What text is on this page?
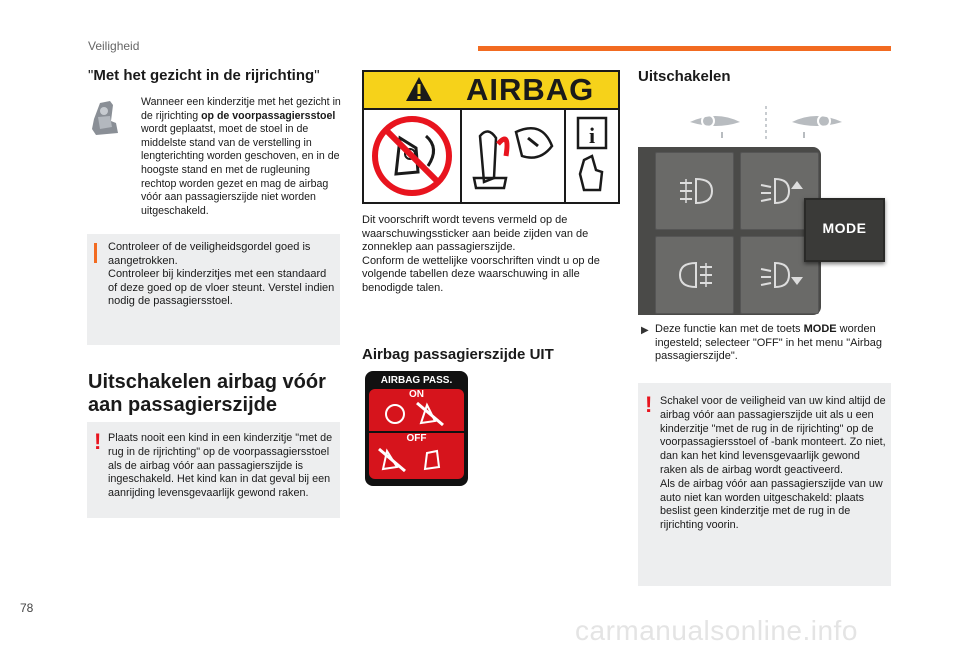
Veiligheid
"Met het gezicht in de rijrichting"
Wanneer een kinderzitje met het gezicht in de rijrichting op de voorpassagiersstoel wordt geplaatst, moet de stoel in de middelste stand van de verstelling in lengterichting worden geschoven, en in de hoogste stand en met de rugleuning rechtop worden gezet en mag de airbag vóór aan passagierszijde niet worden uitgeschakeld.
Controleer of de veiligheidsgordel goed is aangetrokken.
Controleer bij kinderzitjes met een standaard of deze goed op de vloer steunt. Verstel indien nodig de passagiersstoel.
Uitschakelen airbag vóór
aan passagierszijde
! Plaats nooit een kind in een kinderzitje "met de rug in de rijrichting" op de voorpassagiersstoel als de airbag vóór aan passagierszijde is ingeschakeld. Het kind kan in dat geval bij een aanrijding levensgevaarlijk gewond raken.
AIRBAG
i
Dit voorschrift wordt tevens vermeld op de waarschuwingssticker aan beide zijden van de zonneklep aan passagierszijde.
Conform de wettelijke voorschriften vindt u op de volgende tabellen deze waarschuwing in alle benodigde talen.
Airbag passagierszijde UIT
AIRBAG PASS.
ON
OFF
Uitschakelen
MODE
▶ Deze functie kan met de toets MODE worden ingesteld; selecteer "OFF" in het menu "Airbag passagierszijde".
! Schakel voor de veiligheid van uw kind altijd de airbag vóór aan passagierszijde uit als u een kinderzitje "met de rug in de rijrichting" op de voorpassagiersstoel of -bank monteert. Zo niet, dan kan het kind levensgevaarlijk gewond raken als de airbag wordt geactiveerd.
Als de airbag vóór aan passagierszijde van uw auto niet kan worden uitgeschakeld: plaats beslist geen kinderzitje met de rug in de rijrichting voorin.
78
carmanualsonline.info
